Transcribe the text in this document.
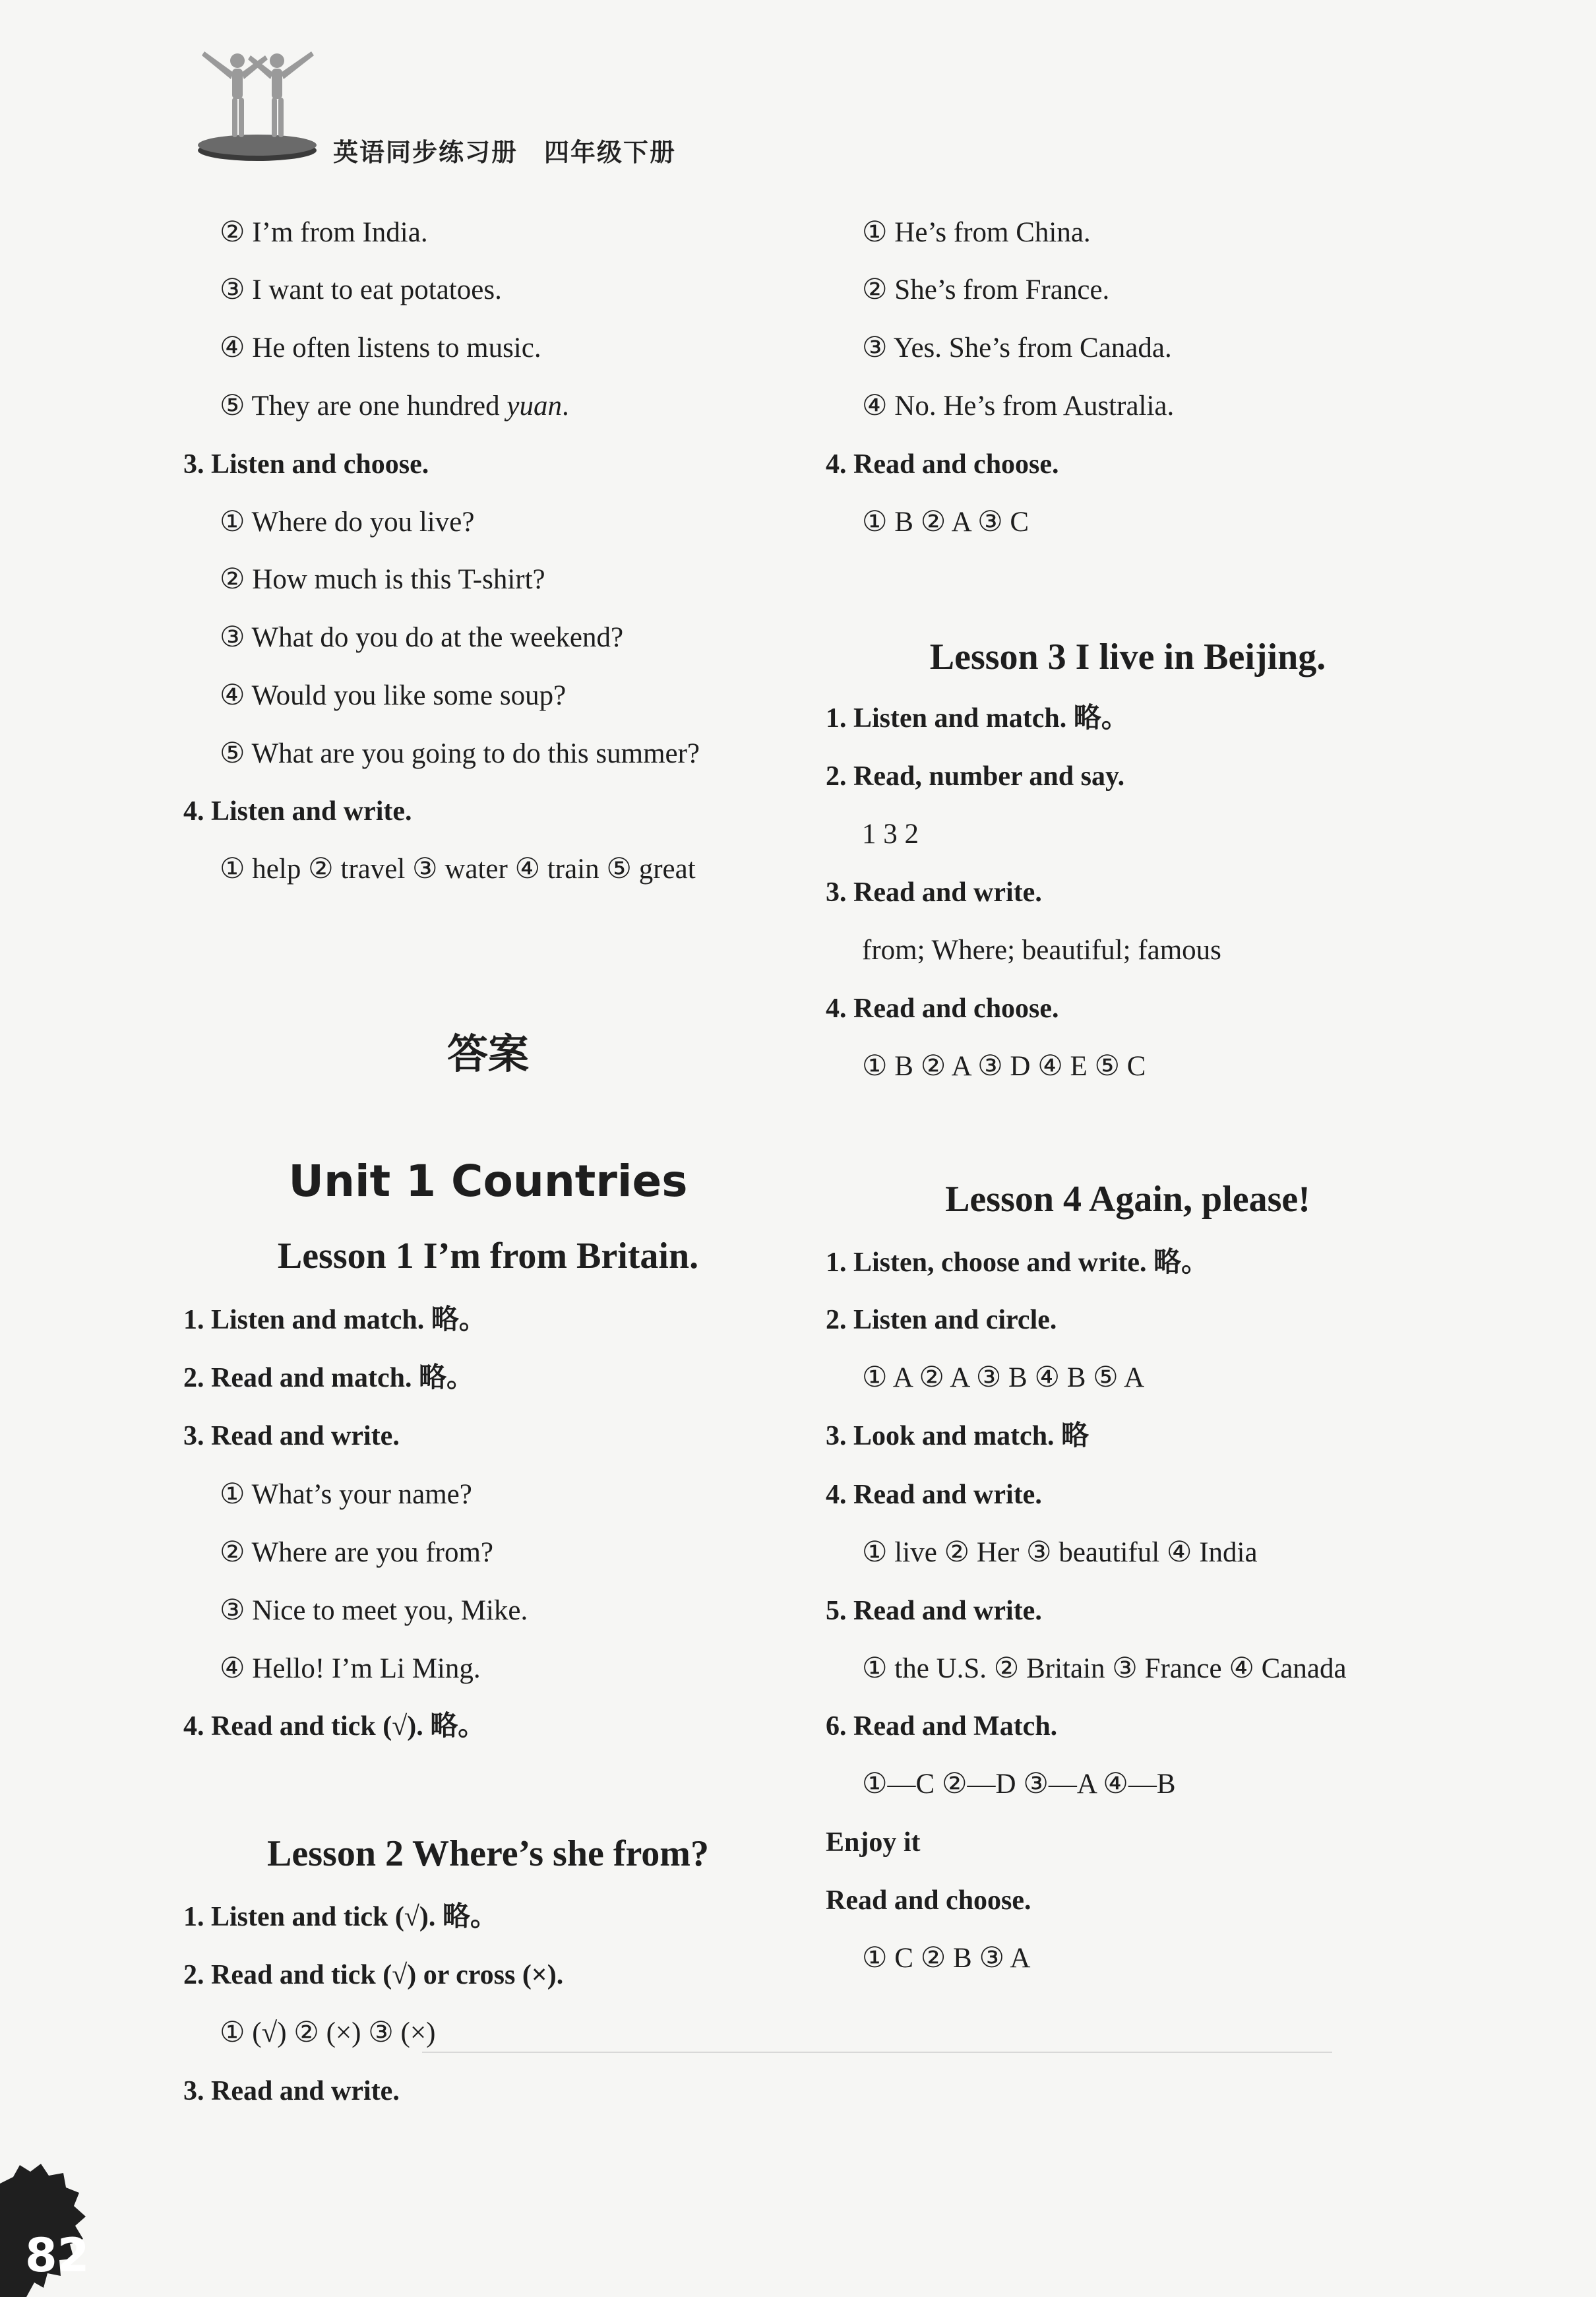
英语同步练习册　四年级下册
② I’m from India.
③ I want to eat potatoes.
④ He often listens to music.
⑤ They are one hundred yuan.
3. Listen and choose.
① Where do you live?
② How much is this T-shirt?
③ What do you do at the weekend?
④ Would you like some soup?
⑤ What are you going to do this summer?
4. Listen and write.
① help ② travel ③ water ④ train ⑤ great
答案
Unit 1 Countries
Lesson 1 I’m from Britain.
1. Listen and match. 略。
2. Read and match. 略。
3. Read and write.
① What’s your name?
② Where are you from?
③ Nice to meet you, Mike.
④ Hello! I’m Li Ming.
4. Read and tick (√). 略。
Lesson 2 Where’s she from?
1. Listen and tick (√). 略。
2. Read and tick (√) or cross (×).
① (√) ② (×) ③ (×)
3. Read and write.
① He’s from China.
② She’s from France.
③ Yes. She’s from Canada.
④ No. He’s from Australia.
4. Read and choose.
① B ② A ③ C
Lesson 3 I live in Beijing.
1. Listen and match. 略。
2. Read, number and say.
1 3 2
3. Read and write.
from; Where; beautiful; famous
4. Read and choose.
① B ② A ③ D ④ E ⑤ C
Lesson 4 Again, please!
1. Listen, choose and write. 略。
2. Listen and circle.
① A ② A ③ B ④ B ⑤ A
3. Look and match. 略
4. Read and write.
① live ② Her ③ beautiful ④ India
5. Read and write.
① the U.S. ② Britain ③ France ④ Canada
6. Read and Match.
①—C ②—D ③—A ④—B
Enjoy it
Read and choose.
① C ② B ③ A
82
